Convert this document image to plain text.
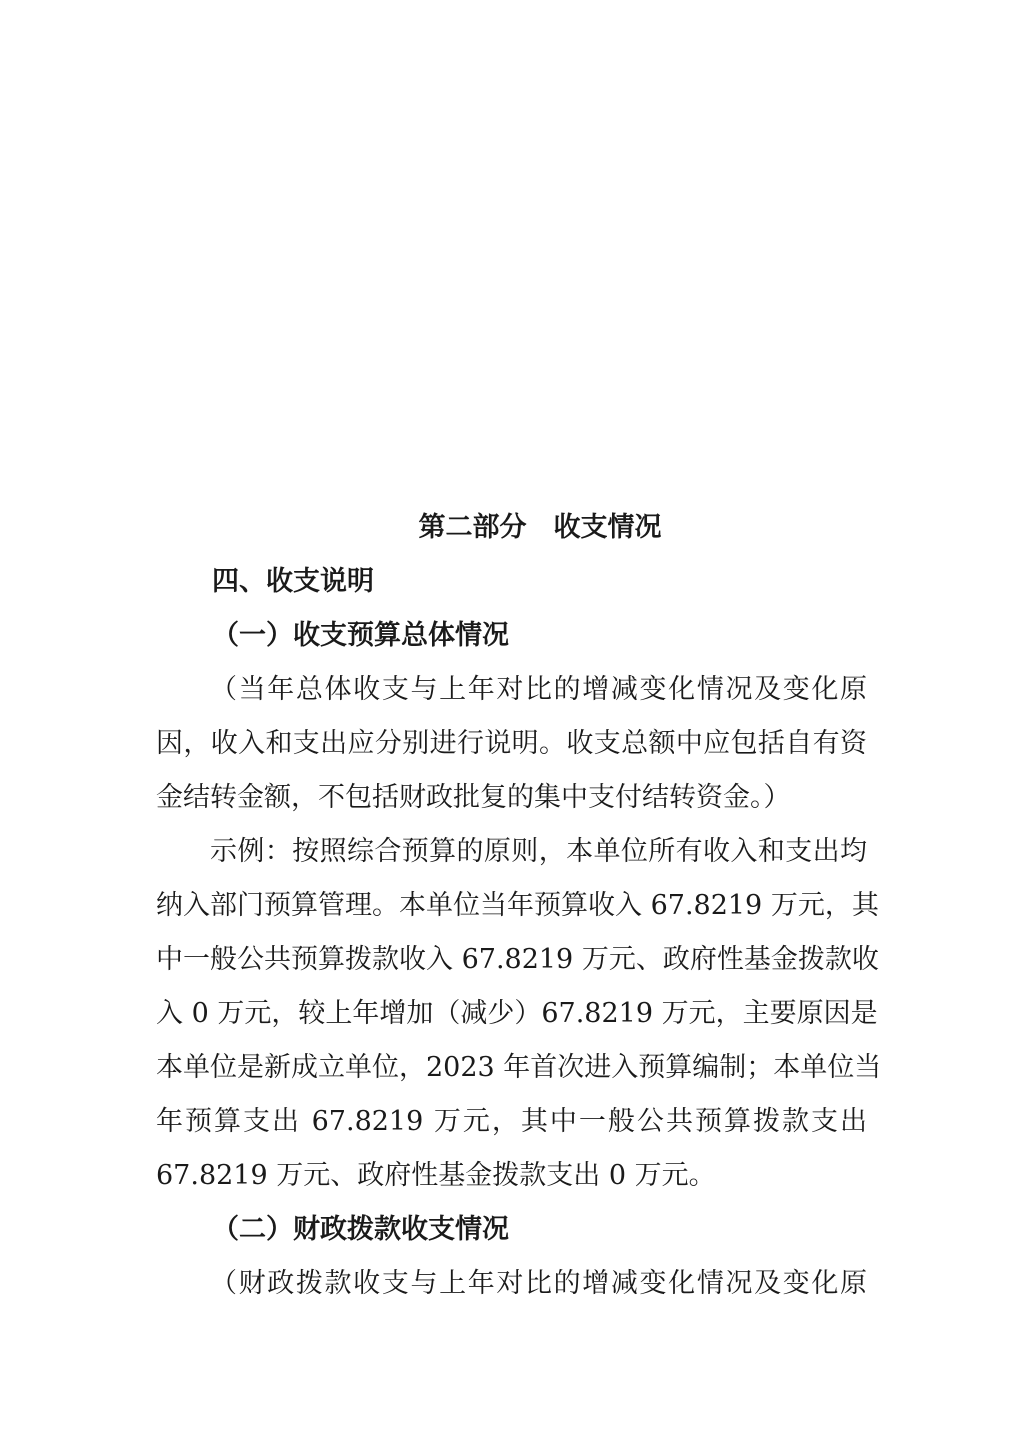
第二部分　收支情况
四、收支说明
（一）收支预算总体情况
（当年总体收支与上年对比的增减变化情况及变化原
因，收入和支出应分别进行说明。收支总额中应包括自有资
金结转金额，不包括财政批复的集中支付结转资金。）
示例：按照综合预算的原则，本单位所有收入和支出均
纳入部门预算管理。本单位当年预算收入 67.8219 万元，其
中一般公共预算拨款收入 67.8219 万元、政府性基金拨款收
入 0 万元，较上年增加（减少）67.8219 万元，主要原因是
本单位是新成立单位，2023 年首次进入预算编制；本单位当
年预算支出 67.8219 万元，其中一般公共预算拨款支出
67.8219 万元、政府性基金拨款支出 0 万元。
（二）财政拨款收支情况
（财政拨款收支与上年对比的增减变化情况及变化原
